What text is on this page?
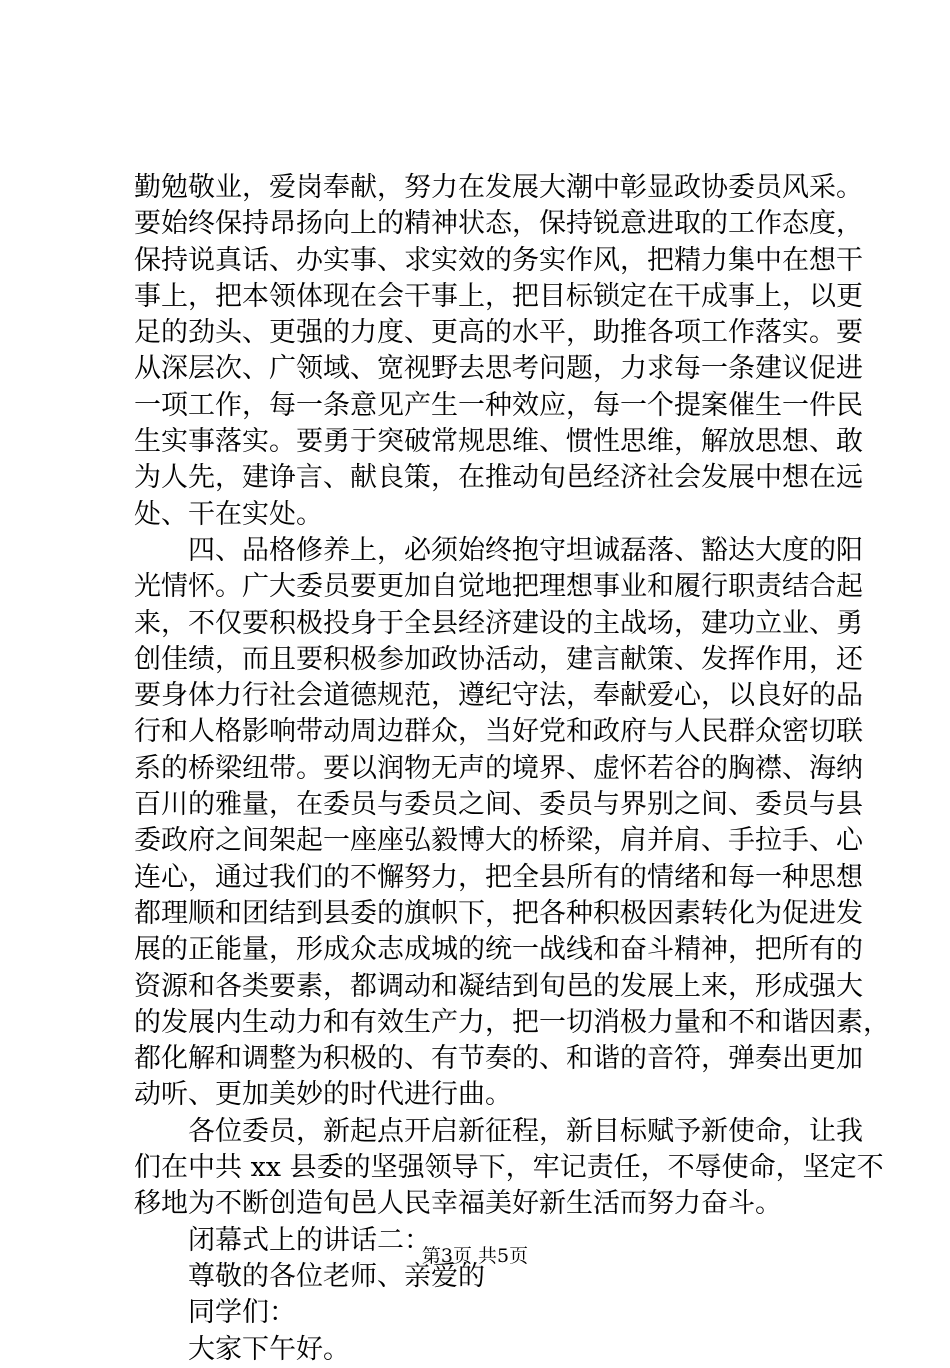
勤勉敬业，爱岗奉献，努力在发展大潮中彰显政协委员风采。
要始终保持昂扬向上的精神状态，保持锐意进取的工作态度，
保持说真话、办实事、求实效的务实作风，把精力集中在想干
事上，把本领体现在会干事上，把目标锁定在干成事上，以更
足的劲头、更强的力度、更高的水平，助推各项工作落实。要
从深层次、广领域、宽视野去思考问题，力求每一条建议促进
一项工作，每一条意见产生一种效应，每一个提案催生一件民
生实事落实。要勇于突破常规思维、惯性思维，解放思想、敢
为人先，建诤言、献良策，在推动旬邑经济社会发展中想在远
处、干在实处。
四、品格修养上，必须始终抱守坦诚磊落、豁达大度的阳
光情怀。广大委员要更加自觉地把理想事业和履行职责结合起
来，不仅要积极投身于全县经济建设的主战场，建功立业、勇
创佳绩，而且要积极参加政协活动，建言献策、发挥作用，还
要身体力行社会道德规范，遵纪守法，奉献爱心，以良好的品
行和人格影响带动周边群众，当好党和政府与人民群众密切联
系的桥梁纽带。要以润物无声的境界、虚怀若谷的胸襟、海纳
百川的雅量，在委员与委员之间、委员与界别之间、委员与县
委政府之间架起一座座弘毅博大的桥梁，肩并肩、手拉手、心
连心，通过我们的不懈努力，把全县所有的情绪和每一种思想
都理顺和团结到县委的旗帜下，把各种积极因素转化为促进发
展的正能量，形成众志成城的统一战线和奋斗精神，把所有的
资源和各类要素，都调动和凝结到旬邑的发展上来，形成强大
的发展内生动力和有效生产力，把一切消极力量和不和谐因素，
都化解和调整为积极的、有节奏的、和谐的音符，弹奏出更加
动听、更加美妙的时代进行曲。
各位委员，新起点开启新征程，新目标赋予新使命，让我
们在中共 xx 县委的坚强领导下，牢记责任，不辱使命，坚定不
移地为不断创造旬邑人民幸福美好新生活而努力奋斗。
闭幕式上的讲话二：
尊敬的各位老师、亲爱的
同学们：
大家下午好。
第3页 共5页
